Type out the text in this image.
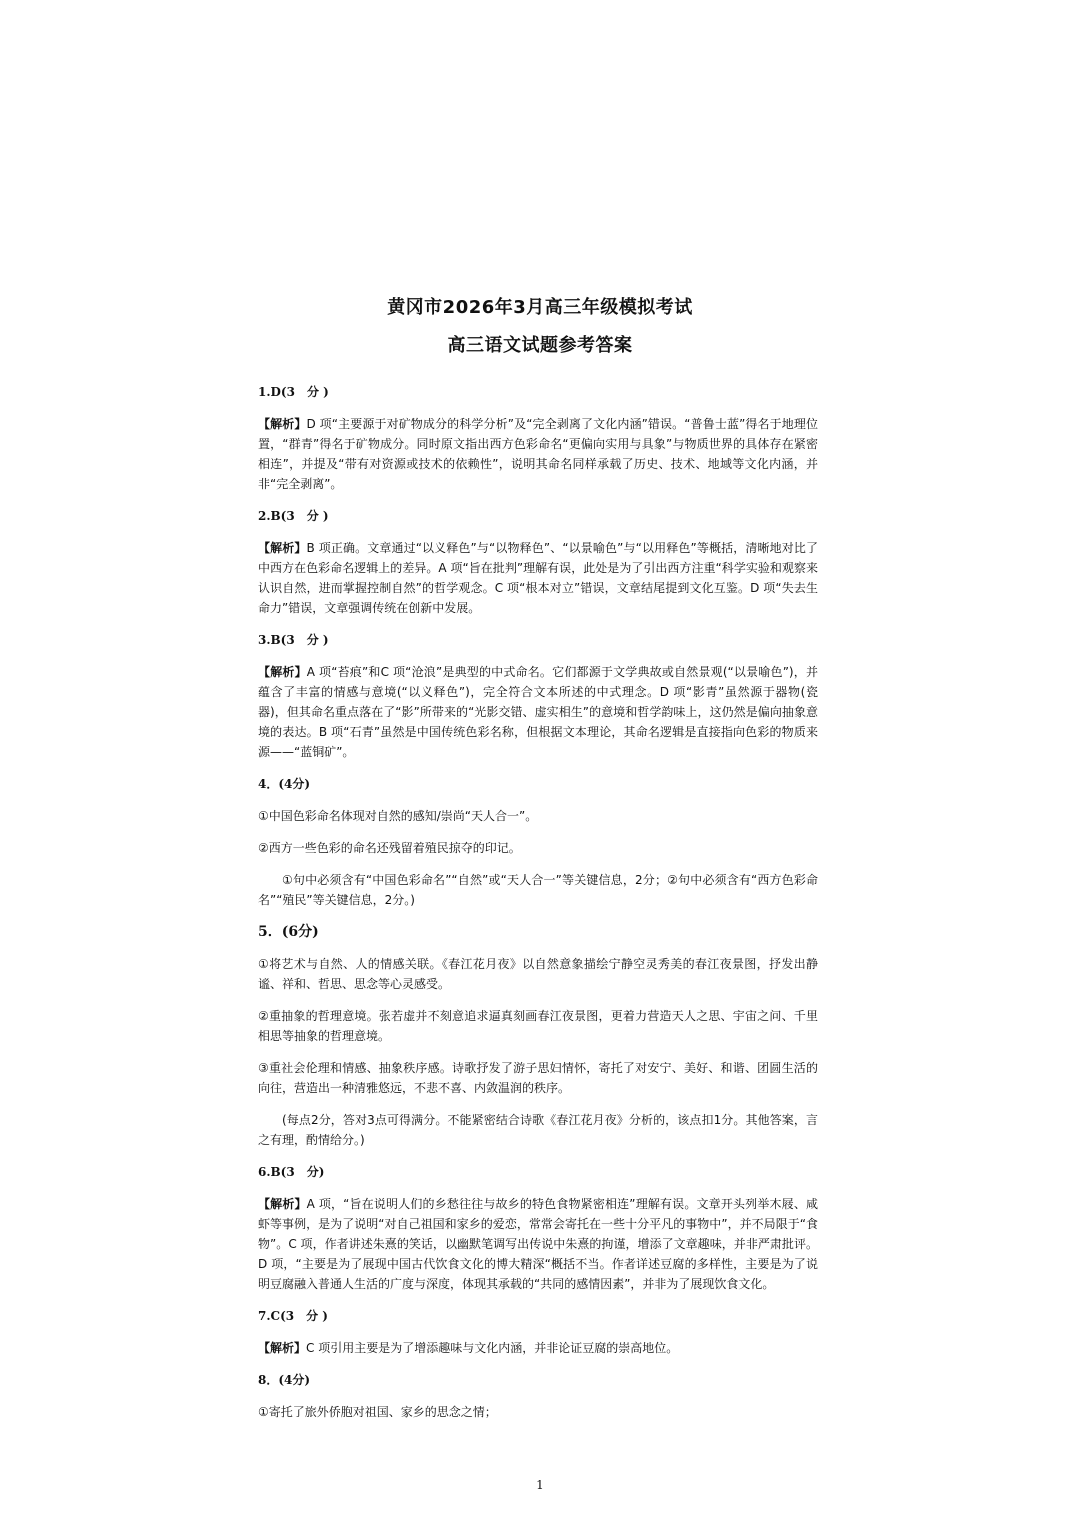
黄冈市2026年3月高三年级模拟考试
高三语文试题参考答案
1.D(3　分 )
【解析】D 项“主要源于对矿物成分的科学分析”及“完全剥离了文化内涵”错误。“普鲁士蓝”得名于地理位置，“群青”得名于矿物成分。同时原文指出西方色彩命名“更偏向实用与具象”与物质世界的具体存在紧密相连”，并提及“带有对资源或技术的依赖性”，说明其命名同样承载了历史、技术、地域等文化内涵，并非“完全剥离”。
2.B(3　分 )
【解析】B 项正确。文章通过“以义释色”与“以物释色”、“以景喻色”与“以用释色”等概括，清晰地对比了中西方在色彩命名逻辑上的差异。A 项“旨在批判”理解有误，此处是为了引出西方注重“科学实验和观察来认识自然，进而掌握控制自然”的哲学观念。C 项“根本对立”错误，文章结尾提到文化互鉴。D 项“失去生命力”错误，文章强调传统在创新中发展。
3.B(3　分 )
【解析】A 项“苔痕”和C 项“沧浪”是典型的中式命名。它们都源于文学典故或自然景观(“以景喻色”)，并蕴含了丰富的情感与意境(“以义释色”)，完全符合文本所述的中式理念。D 项“影青”虽然源于器物(瓷器)，但其命名重点落在了“影”所带来的“光影交错、虚实相生”的意境和哲学韵味上，这仍然是偏向抽象意境的表达。B 项“石青”虽然是中国传统色彩名称，但根据文本理论，其命名逻辑是直接指向色彩的物质来源——“蓝铜矿”。
4．(4分)
①中国色彩命名体现对自然的感知/崇尚“天人合一”。
②西方一些色彩的命名还残留着殖民掠夺的印记。
①句中必须含有“中国色彩命名”“自然”或“天人合一”等关键信息，2分；②句中必须含有“西方色彩命名”“殖民”等关键信息，2分。)
5．(6分)
①将艺术与自然、人的情感关联。《春江花月夜》以自然意象描绘宁静空灵秀美的春江夜景图，抒发出静谧、祥和、哲思、思念等心灵感受。
②重抽象的哲理意境。张若虚并不刻意追求逼真刻画春江夜景图，更着力营造天人之思、宇宙之问、千里相思等抽象的哲理意境。
③重社会伦理和情感、抽象秩序感。诗歌抒发了游子思妇情怀，寄托了对安宁、美好、和谐、团圆生活的向往，营造出一种清雅悠远，不悲不喜、内敛温润的秩序。
(每点2分，答对3点可得满分。不能紧密结合诗歌《春江花月夜》分析的，该点扣1分。其他答案，言之有理，酌情给分。)
6.B(3　分)
【解析】A 项，“旨在说明人们的乡愁往往与故乡的特色食物紧密相连”理解有误。文章开头列举木屐、咸虾等事例，是为了说明“对自己祖国和家乡的爱恋，常常会寄托在一些十分平凡的事物中”，并不局限于“食物”。C 项，作者讲述朱熹的笑话，以幽默笔调写出传说中朱熹的拘谨，增添了文章趣味，并非严肃批评。D 项，“主要是为了展现中国古代饮食文化的博大精深“概括不当。作者详述豆腐的多样性，主要是为了说明豆腐融入普通人生活的广度与深度，体现其承载的“共同的感情因素”，并非为了展现饮食文化。
7.C(3　分 )
【解析】C 项引用主要是为了增添趣味与文化内涵，并非论证豆腐的崇高地位。
8．(4分)
①寄托了旅外侨胞对祖国、家乡的思念之情；
1
